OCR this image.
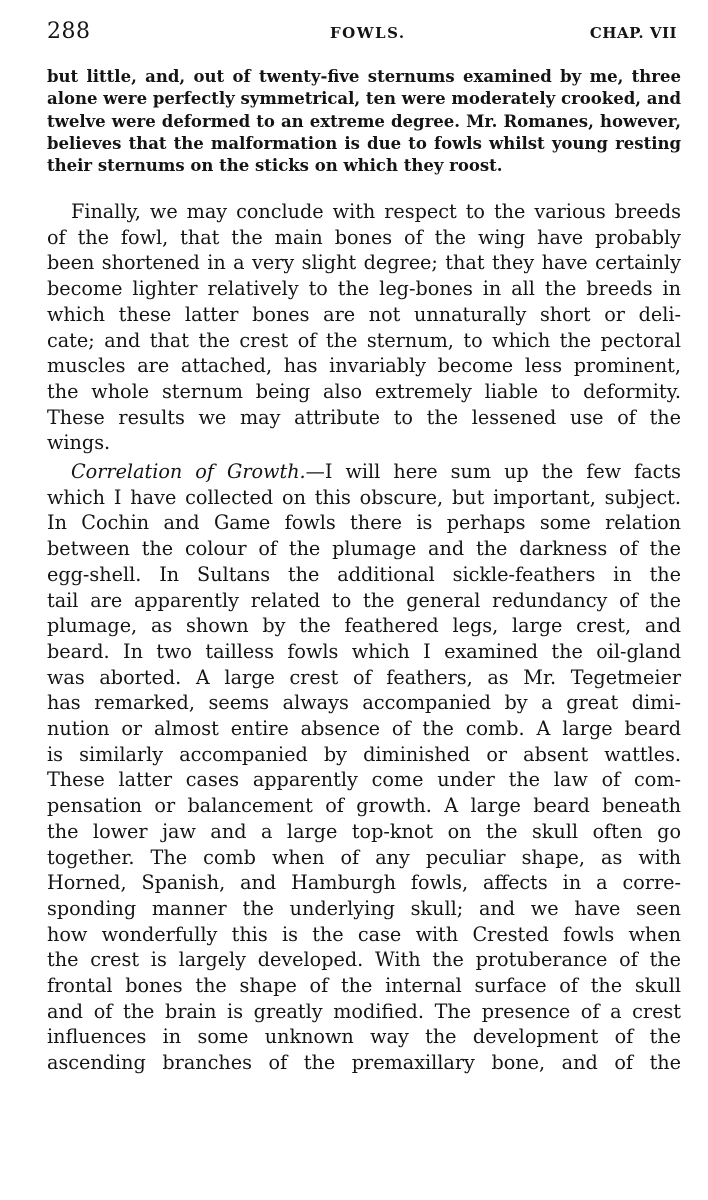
288	FOWLS.	CHAP. VII
but little, and, out of twenty-five sternums examined by me, three
alone were perfectly symmetrical, ten were moderately crooked, and
twelve were deformed to an extreme degree. Mr. Romanes, however,
believes that the malformation is due to fowls whilst young resting
their sternums on the sticks on which they roost.
Finally, we may conclude with respect to the various breeds
of the fowl, that the main bones of the wing have probably
been shortened in a very slight degree; that they have certainly
become lighter relatively to the leg-bones in all the breeds in
which these latter bones are not unnaturally short or deli-
cate; and that the crest of the sternum, to which the pectoral
muscles are attached, has invariably become less prominent,
the whole sternum being also extremely liable to deformity.
These results we may attribute to the lessened use of the
wings.
Correlation of Growth.—I will here sum up the few facts
which I have collected on this obscure, but important, subject.
In Cochin and Game fowls there is perhaps some relation
between the colour of the plumage and the darkness of the
egg-shell. In Sultans the additional sickle-feathers in the
tail are apparently related to the general redundancy of the
plumage, as shown by the feathered legs, large crest, and
beard. In two tailless fowls which I examined the oil-gland
was aborted. A large crest of feathers, as Mr. Tegetmeier
has remarked, seems always accompanied by a great dimi-
nution or almost entire absence of the comb. A large beard
is similarly accompanied by diminished or absent wattles.
These latter cases apparently come under the law of com-
pensation or balancement of growth. A large beard beneath
the lower jaw and a large top-knot on the skull often go
together. The comb when of any peculiar shape, as with
Horned, Spanish, and Hamburgh fowls, affects in a corre-
sponding manner the underlying skull; and we have seen
how wonderfully this is the case with Crested fowls when
the crest is largely developed. With the protuberance of the
frontal bones the shape of the internal surface of the skull
and of the brain is greatly modified. The presence of a crest
influences in some unknown way the development of the
ascending branches of the premaxillary bone, and of the
